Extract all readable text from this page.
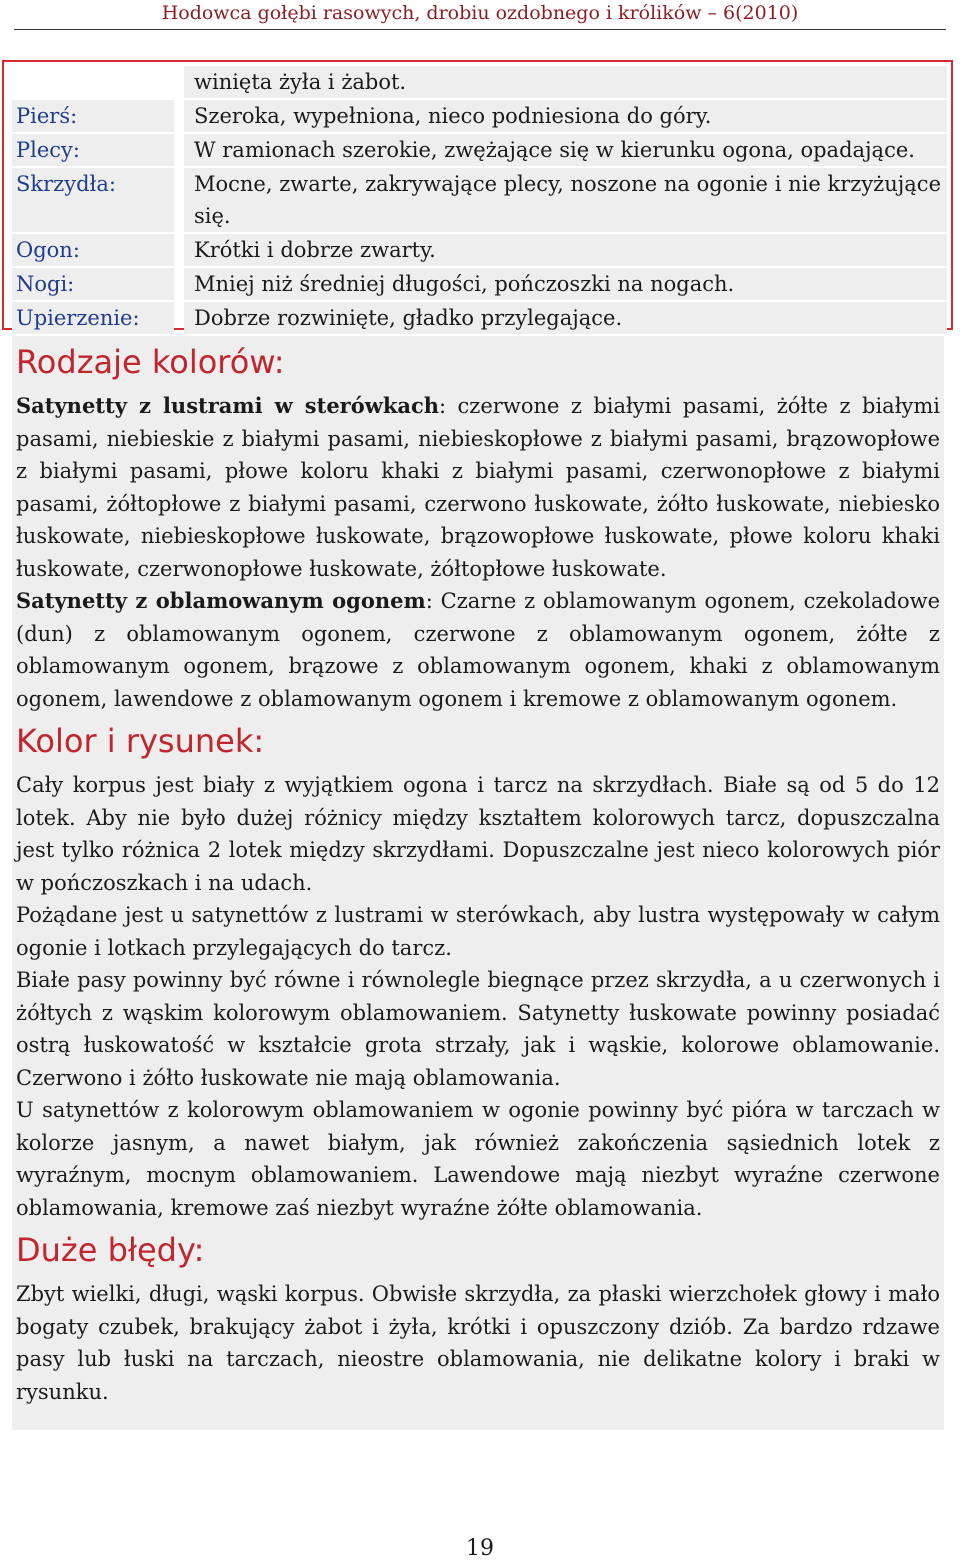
Hodowca gołębi rasowych, drobiu ozdobnego i królików – 6(2010)

winięta żyła i żabot.
Pierś:	Szeroka, wypełniona, nieco podniesiona do góry.
Plecy:	W ramionach szerokie, zwężające się w kierunku ogona, opadające.
Skrzydła:	Mocne, zwarte, zakrywające plecy, noszone na ogonie i nie krzyżujące się.
Ogon:	Krótki i dobrze zwarty.
Nogi:	Mniej niż średniej długości, pończoszki na nogach.
Upierzenie:	Dobrze rozwinięte, gładko przylegające.
Rodzaje kolorów:

Satynetty z lustrami w sterówkach: czerwone z białymi pasami, żółte z białymi pasami, niebieskie z białymi pasami, niebieskopłowe z białymi pasami, brązowopłowe z białymi pasami, płowe koloru khaki z białymi pasami, czerwonopłowe z białymi pasami, żółtopłowe z białymi pasami, czerwono łuskowate, żółto łuskowate, niebiesko łuskowate, niebieskopłowe łuskowate, brązowopłowe łuskowate, płowe koloru khaki łuskowate, czerwonopłowe łuskowate, żółtopłowe łuskowate.

Satynetty z oblamowanym ogonem: Czarne z oblamowanym ogonem, czekoladowe (dun) z oblamowanym ogonem, czerwone z oblamowanym ogonem, żółte z oblamowanym ogonem, brązowe z oblamowanym ogonem, khaki z oblamowanym ogonem, lawendowe z oblamowanym ogonem i kremowe z oblamowanym ogonem.

Kolor i rysunek:

Cały korpus jest biały z wyjątkiem ogona i tarcz na skrzydłach. Białe są od 5 do 12 lotek. Aby nie było dużej różnicy między kształtem kolorowych tarcz, dopuszczalna jest tylko różnica 2 lotek między skrzydłami. Dopuszczalne jest nieco kolorowych piór w pończoszkach i na udach.

Pożądane jest u satynettów z lustrami w sterówkach, aby lustra występowały w całym ogonie i lotkach przylegających do tarcz.

Białe pasy powinny być równe i równolegle biegnące przez skrzydła, a u czerwonych i żółtych z wąskim kolorowym oblamowaniem. Satynetty łuskowate powinny posiadać ostrą łuskowatość w kształcie grota strzały, jak i wąskie, kolorowe oblamowanie. Czerwono i żółto łuskowate nie mają oblamowania.

U satynettów z kolorowym oblamowaniem w ogonie powinny być pióra w tarczach w kolorze jasnym, a nawet białym, jak również zakończenia sąsiednich lotek z wyraźnym, mocnym oblamowaniem. Lawendowe mają niezbyt wyraźne czerwone oblamowania, kremowe zaś niezbyt wyraźne żółte oblamowania.

Duże błędy:

Zbyt wielki, długi, wąski korpus. Obwisłe skrzydła, za płaski wierzchołek głowy i mało bogaty czubek, brakujący żabot i żyła, krótki i opuszczony dziób. Za bardzo rdzawe pasy lub łuski na tarczach, nieostre oblamowania, nie delikatne kolory i braki w rysunku.

19
